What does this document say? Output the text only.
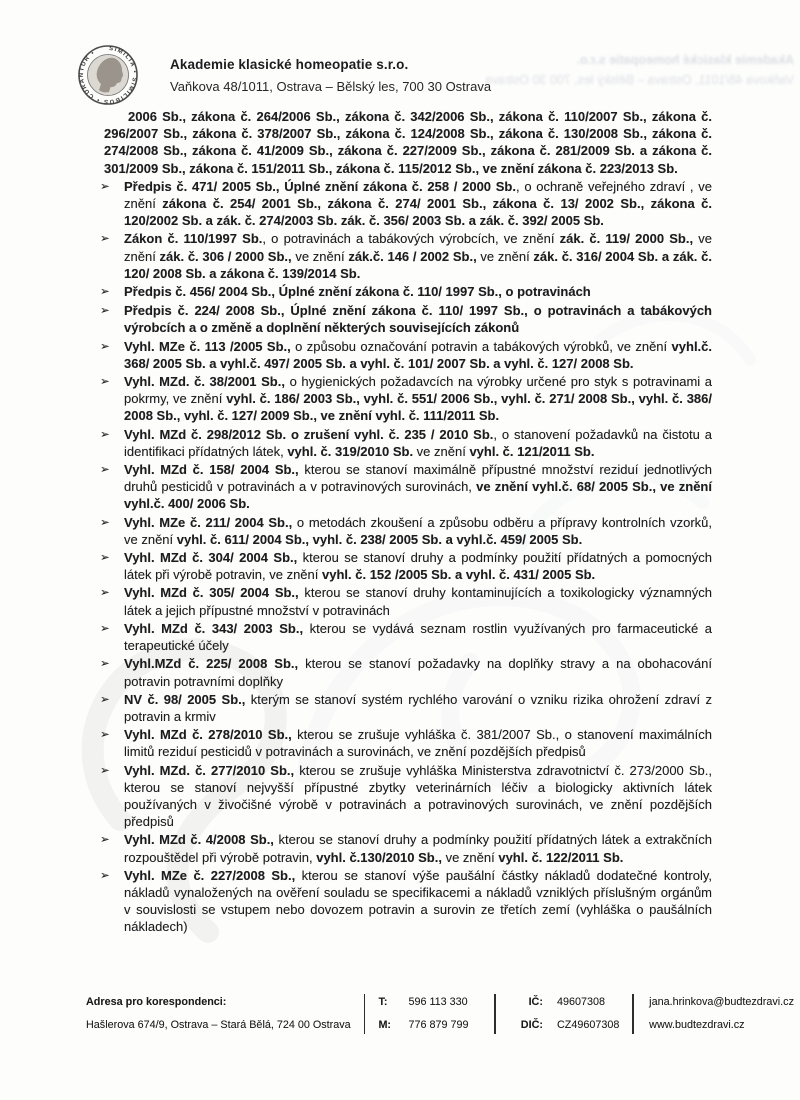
Akademie klasické homeopatie s.r.o.
Vaňkova 48/1011, Ostrava – Bělský les, 700 30 Ostrava
SIMILIA • SIMILIBUS • CURANTUR •
Akademie klasické homeopatie s.r.o.
Vaňkova 48/1011, Ostrava – Bělský les, 700 30 Ostrava

2006 Sb., zákona č. 264/2006 Sb., zákona č. 342/2006 Sb., zákona č. 110/2007 Sb., zákona č. 296/2007 Sb., zákona č. 378/2007 Sb., zákona č. 124/2008 Sb., zákona č. 130/2008 Sb., zákona č. 274/2008 Sb., zákona č. 41/2009 Sb., zákona č. 227/2009 Sb., zákona č. 281/2009 Sb. a zákona č. 301/2009 Sb., zákona č. 151/2011 Sb., zákona č. 115/2012 Sb., ve znění zákona č. 223/2013 Sb.

➢	Předpis č. 471/ 2005 Sb., Úplné znění zákona č. 258 / 2000 Sb., o ochraně veřejného zdraví , ve znění zákona č. 254/ 2001 Sb., zákona č. 274/ 2001 Sb., zákona č. 13/ 2002 Sb., zákona č. 120/2002 Sb. a zák. č. 274/2003 Sb. zák. č. 356/ 2003 Sb. a zák. č. 392/ 2005 Sb.
➢	Zákon č. 110/1997 Sb., o potravinách a tabákových výrobcích, ve znění zák. č. 119/ 2000 Sb., ve znění zák. č. 306 / 2000 Sb., ve znění zák.č. 146 / 2002 Sb., ve znění zák. č. 316/ 2004 Sb. a zák. č. 120/ 2008 Sb. a zákona č. 139/2014 Sb.
➢	Předpis č. 456/ 2004 Sb., Úplné znění zákona č. 110/ 1997 Sb., o potravinách
➢	Předpis č. 224/ 2008 Sb., Úplné znění zákona č. 110/ 1997 Sb., o potravinách a tabákových výrobcích a o změně a doplnění některých souvisejících zákonů
➢	Vyhl. MZe č. 113 /2005 Sb., o způsobu označování potravin a tabákových výrobků, ve znění vyhl.č. 368/ 2005 Sb. a vyhl.č. 497/ 2005 Sb. a vyhl. č. 101/ 2007 Sb. a vyhl. č. 127/ 2008 Sb.
➢	Vyhl. MZd. č. 38/2001 Sb., o hygienických požadavcích na výrobky určené pro styk s potravinami a pokrmy, ve znění vyhl. č. 186/ 2003 Sb., vyhl. č. 551/ 2006 Sb., vyhl. č. 271/ 2008 Sb., vyhl. č. 386/ 2008 Sb., vyhl. č. 127/ 2009 Sb., ve znění vyhl. č. 111/2011 Sb.
➢	Vyhl. MZd č. 298/2012 Sb. o zrušení vyhl. č. 235 / 2010 Sb., o stanovení požadavků na čistotu a identifikaci přídatných látek, vyhl. č. 319/2010 Sb. ve znění vyhl. č. 121/2011 Sb.
➢	Vyhl. MZd č. 158/ 2004 Sb., kterou se stanoví maximálně přípustné množství reziduí jednotlivých druhů pesticidů v potravinách a v potravinových surovinách, ve znění vyhl.č. 68/ 2005 Sb., ve znění vyhl.č. 400/ 2006 Sb.
➢	Vyhl. MZe č. 211/ 2004 Sb., o metodách zkoušení a způsobu odběru a přípravy kontrolních vzorků, ve znění vyhl. č. 611/ 2004 Sb., vyhl. č. 238/ 2005 Sb. a vyhl.č. 459/ 2005 Sb.
➢	Vyhl. MZd č. 304/ 2004 Sb., kterou se stanoví druhy a podmínky použití přídatných a pomocných látek při výrobě potravin, ve znění vyhl. č. 152 /2005 Sb. a vyhl. č. 431/ 2005 Sb.
➢	Vyhl. MZd č. 305/ 2004 Sb., kterou se stanoví druhy kontaminujících a toxikologicky významných látek a jejich přípustné množství v potravinách
➢	Vyhl. MZd č. 343/ 2003 Sb., kterou se vydává seznam rostlin využívaných pro farmaceutické a terapeutické účely
➢	Vyhl.MZd č. 225/ 2008 Sb., kterou se stanoví požadavky na doplňky stravy a na obohacování potravin potravními doplňky
➢	NV č. 98/ 2005 Sb., kterým se stanoví systém rychlého varování o vzniku rizika ohrožení zdraví z potravin a krmiv
➢	Vyhl. MZd č. 278/2010 Sb., kterou se zrušuje vyhláška č. 381/2007 Sb., o stanovení maximálních limitů reziduí pesticidů v potravinách a surovinách, ve znění pozdějších předpisů
➢	Vyhl. MZd. č. 277/2010 Sb., kterou se zrušuje vyhláška Ministerstva zdravotnictví č. 273/2000 Sb., kterou se stanoví nejvyšší přípustné zbytky veterinárních léčiv a biologicky aktivních látek používaných v živočišné výrobě v potravinách a potravinových surovinách, ve znění pozdějších předpisů
➢	Vyhl. MZd č. 4/2008 Sb., kterou se stanoví druhy a podmínky použití přídatných látek a extrakčních rozpouštědel při výrobě potravin, vyhl. č.130/2010 Sb., ve znění vyhl. č. 122/2011 Sb.
➢	Vyhl. MZe č. 227/2008 Sb., kterou se stanoví výše paušální částky nákladů dodatečné kontroly, nákladů vynaložených na ověření souladu se specifikacemi a nákladů vzniklých příslušným orgánům v souvislosti se vstupem nebo dovozem potravin a surovin ze třetích zemí (vyhláška o paušálních nákladech)
Adresa pro korespondenci:
Hašlerova 674/9, Ostrava – Stará Bělá, 724 00 Ostrava
T: 596 113 330
M: 776 879 799
IČ: 49607308
DIČ: CZ49607308
jana.hrinkova@budtezdravi.cz
www.budtezdravi.cz
